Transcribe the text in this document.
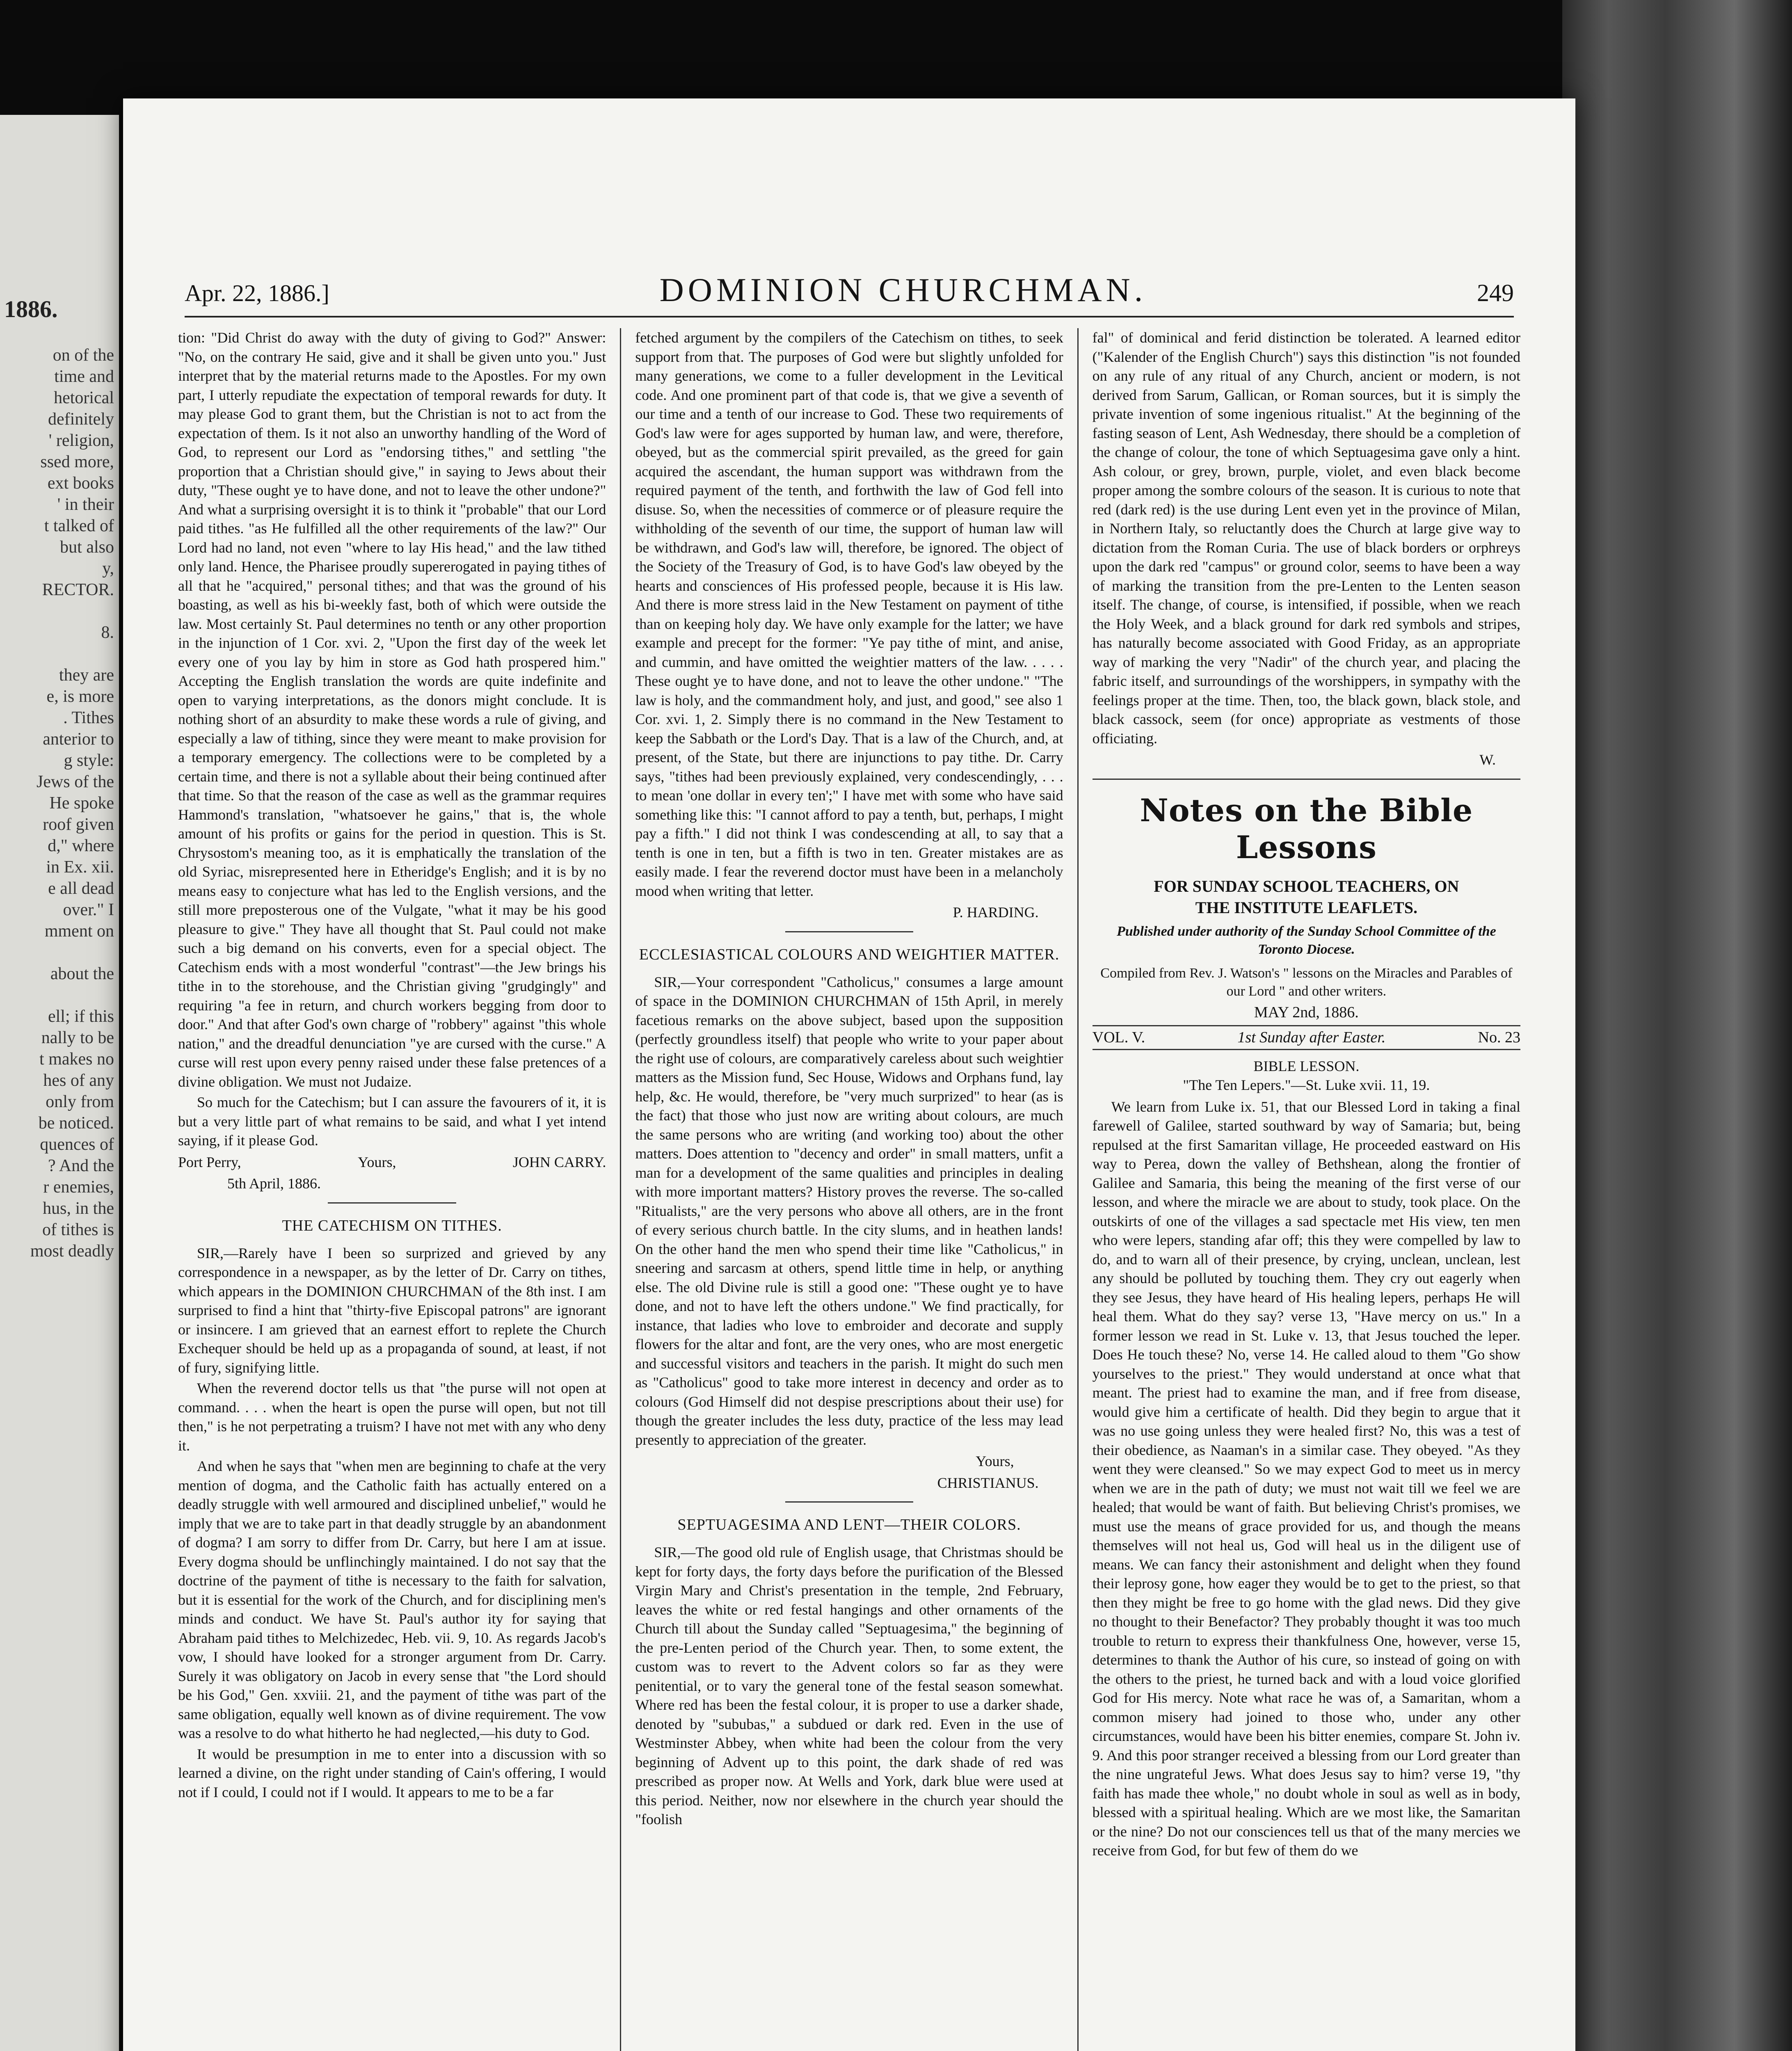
1886.
on of the
time and
hetorical
definitely
' religion,
ssed more,
ext books
' in their
t talked of
but also
y,
RECTOR.

8.

they are
e, is more
. Tithes
anterior to
g style:
Jews of the
He spoke
roof given
d," where
in Ex. xii.
e all dead
over." I
mment on

about the

ell; if this
nally to be
t makes no
hes of any
only from
be noticed.
quences of
? And the
r enemies,
hus, in the
of tithes is
most deadly
Apr. 22, 1886.]	DOMINION CHURCHMAN.	249

tion: "Did Christ do away with the duty of giving to God?" Answer: "No, on the contrary He said, give and it shall be given unto you." Just interpret that by the material returns made to the Apostles. For my own part, I utterly repudiate the expectation of temporal rewards for duty. It may please God to grant them, but the Christian is not to act from the expectation of them. Is it not also an unworthy handling of the Word of God, to represent our Lord as "endorsing tithes," and settling "the proportion that a Christian should give," in saying to Jews about their duty, "These ought ye to have done, and not to leave the other undone?" And what a surprising oversight it is to think it "probable" that our Lord paid tithes. "as He fulfilled all the other requirements of the law?" Our Lord had no land, not even "where to lay His head," and the law tithed only land. Hence, the Pharisee proudly supererogated in paying tithes of all that he "acquired," personal tithes; and that was the ground of his boasting, as well as his bi-weekly fast, both of which were outside the law. Most certainly St. Paul determines no tenth or any other proportion in the injunction of 1 Cor. xvi. 2, "Upon the first day of the week let every one of you lay by him in store as God hath prospered him." Accepting the English translation the words are quite indefinite and open to varying interpretations, as the donors might conclude. It is nothing short of an absurdity to make these words a rule of giving, and especially a law of tithing, since they were meant to make provision for a temporary emergency. The collections were to be completed by a certain time, and there is not a syllable about their being continued after that time. So that the reason of the case as well as the grammar requires Hammond's translation, "whatsoever he gains," that is, the whole amount of his profits or gains for the period in question. This is St. Chrysostom's meaning too, as it is emphatically the translation of the old Syriac, misrepresented here in Etheridge's English; and it is by no means easy to conjecture what has led to the English versions, and the still more preposterous one of the Vulgate, "what it may be his good pleasure to give." They have all thought that St. Paul could not make such a big demand on his converts, even for a special object. The Catechism ends with a most wonderful "contrast"—the Jew brings his tithe in to the storehouse, and the Christian giving "grudgingly" and requiring "a fee in return, and church workers begging from door to door." And that after God's own charge of "robbery" against "this whole nation," and the dreadful denunciation "ye are cursed with the curse." A curse will rest upon every penny raised under these false pretences of a divine obligation. We must not Judaize.

So much for the Catechism; but I can assure the favourers of it, it is but a very little part of what remains to be said, and what I yet intend saying, if it please God.

Port Perry,	Yours,	JOHN CARRY.
5th April, 1886.
THE CATECHISM ON TITHES.

SIR,—Rarely have I been so surprized and grieved by any correspondence in a newspaper, as by the letter of Dr. Carry on tithes, which appears in the DOMINION CHURCHMAN of the 8th inst. I am surprised to find a hint that "thirty-five Episcopal patrons" are ignorant or insincere. I am grieved that an earnest effort to replete the Church Exchequer should be held up as a propaganda of sound, at least, if not of fury, signifying little.

When the reverend doctor tells us that "the purse will not open at command. . . . when the heart is open the purse will open, but not till then," is he not perpetrating a truism? I have not met with any who deny it.

And when he says that "when men are beginning to chafe at the very mention of dogma, and the Catholic faith has actually entered on a deadly struggle with well armoured and disciplined unbelief," would he imply that we are to take part in that deadly struggle by an abandonment of dogma? I am sorry to differ from Dr. Carry, but here I am at issue. Every dogma should be unflinchingly maintained. I do not say that the doctrine of the payment of tithe is necessary to the faith for salvation, but it is essential for the work of the Church, and for disciplining men's minds and conduct. We have St. Paul's author ity for saying that Abraham paid tithes to Melchizedec, Heb. vii. 9, 10. As regards Jacob's vow, I should have looked for a stronger argument from Dr. Carry. Surely it was obligatory on Jacob in every sense that "the Lord should be his God," Gen. xxviii. 21, and the payment of tithe was part of the same obligation, equally well known as of divine requirement. The vow was a resolve to do what hitherto he had neglected,—his duty to God.

It would be presumption in me to enter into a discussion with so learned a divine, on the right under standing of Cain's offering, I would not if I could, I could not if I would. It appears to me to be a far

fetched argument by the compilers of the Catechism on tithes, to seek support from that. The purposes of God were but slightly unfolded for many generations, we come to a fuller development in the Levitical code. And one prominent part of that code is, that we give a seventh of our time and a tenth of our increase to God. These two requirements of God's law were for ages supported by human law, and were, therefore, obeyed, but as the commercial spirit prevailed, as the greed for gain acquired the ascendant, the human support was withdrawn from the required payment of the tenth, and forthwith the law of God fell into disuse. So, when the necessities of commerce or of pleasure require the withholding of the seventh of our time, the support of human law will be withdrawn, and God's law will, therefore, be ignored. The object of the Society of the Treasury of God, is to have God's law obeyed by the hearts and consciences of His professed people, because it is His law. And there is more stress laid in the New Testament on payment of tithe than on keeping holy day. We have only example for the latter; we have example and precept for the former: "Ye pay tithe of mint, and anise, and cummin, and have omitted the weightier matters of the law. . . . . These ought ye to have done, and not to leave the other undone." "The law is holy, and the commandment holy, and just, and good," see also 1 Cor. xvi. 1, 2. Simply there is no command in the New Testament to keep the Sabbath or the Lord's Day. That is a law of the Church, and, at present, of the State, but there are injunctions to pay tithe. Dr. Carry says, "tithes had been previously explained, very condescendingly, . . . to mean 'one dollar in every ten';" I have met with some who have said something like this: "I cannot afford to pay a tenth, but, perhaps, I might pay a fifth." I did not think I was condescending at all, to say that a tenth is one in ten, but a fifth is two in ten. Greater mistakes are as easily made. I fear the reverend doctor must have been in a melancholy mood when writing that letter.

P. HARDING.
ECCLESIASTICAL COLOURS AND WEIGHTIER MATTER.

SIR,—Your correspondent "Catholicus," consumes a large amount of space in the DOMINION CHURCHMAN of 15th April, in merely facetious remarks on the above subject, based upon the supposition (perfectly groundless itself) that people who write to your paper about the right use of colours, are comparatively careless about such weightier matters as the Mission fund, Sec House, Widows and Orphans fund, lay help, &c. He would, therefore, be "very much surprized" to hear (as is the fact) that those who just now are writing about colours, are much the same persons who are writing (and working too) about the other matters. Does attention to "decency and order" in small matters, unfit a man for a development of the same qualities and principles in dealing with more important matters? History proves the reverse. The so-called "Ritualists," are the very persons who above all others, are in the front of every serious church battle. In the city slums, and in heathen lands! On the other hand the men who spend their time like "Catholicus," in sneering and sarcasm at others, spend little time in help, or anything else. The old Divine rule is still a good one: "These ought ye to have done, and not to have left the others undone." We find practically, for instance, that ladies who love to embroider and decorate and supply flowers for the altar and font, are the very ones, who are most energetic and successful visitors and teachers in the parish. It might do such men as "Catholicus" good to take more interest in decency and order as to colours (God Himself did not despise prescriptions about their use) for though the greater includes the less duty, practice of the less may lead presently to appreciation of the greater.

Yours,
CHRISTIANUS.
SEPTUAGESIMA AND LENT—THEIR COLORS.

SIR,—The good old rule of English usage, that Christmas should be kept for forty days, the forty days before the purification of the Blessed Virgin Mary and Christ's presentation in the temple, 2nd February, leaves the white or red festal hangings and other ornaments of the Church till about the Sunday called "Septuagesima," the beginning of the pre-Lenten period of the Church year. Then, to some extent, the custom was to revert to the Advent colors so far as they were penitential, or to vary the general tone of the festal season somewhat. Where red has been the festal colour, it is proper to use a darker shade, denoted by "sububas," a subdued or dark red. Even in the use of Westminster Abbey, when white had been the colour from the very beginning of Advent up to this point, the dark shade of red was prescribed as proper now. At Wells and York, dark blue were used at this period. Neither, now nor elsewhere in the church year should the "foolish

fal" of dominical and ferid distinction be tolerated. A learned editor ("Kalender of the English Church") says this distinction "is not founded on any rule of any ritual of any Church, ancient or modern, is not derived from Sarum, Gallican, or Roman sources, but it is simply the private invention of some ingenious ritualist." At the beginning of the fasting season of Lent, Ash Wednesday, there should be a completion of the change of colour, the tone of which Septuagesima gave only a hint. Ash colour, or grey, brown, purple, violet, and even black become proper among the sombre colours of the season. It is curious to note that red (dark red) is the use during Lent even yet in the province of Milan, in Northern Italy, so reluctantly does the Church at large give way to dictation from the Roman Curia. The use of black borders or orphreys upon the dark red "campus" or ground color, seems to have been a way of marking the transition from the pre-Lenten to the Lenten season itself. The change, of course, is intensified, if possible, when we reach the Holy Week, and a black ground for dark red symbols and stripes, has naturally become associated with Good Friday, as an appropriate way of marking the very "Nadir" of the church year, and placing the fabric itself, and surroundings of the worshippers, in sympathy with the feelings proper at the time. Then, too, the black gown, black stole, and black cassock, seem (for once) appropriate as vestments of those officiating.

W.
Notes on the Bible Lessons
FOR SUNDAY SCHOOL TEACHERS, ON
THE INSTITUTE LEAFLETS.
Published under authority of the Sunday School Committee of the Toronto Diocese.
Compiled from Rev. J. Watson's " lessons on the Miracles and Parables of our Lord " and other writers.
MAY 2nd, 1886.
VOL. V.	1st Sunday after Easter.	No. 23
BIBLE LESSON.
"The Ten Lepers."—St. Luke xvii. 11, 19.

We learn from Luke ix. 51, that our Blessed Lord in taking a final farewell of Galilee, started southward by way of Samaria; but, being repulsed at the first Samaritan village, He proceeded eastward on His way to Perea, down the valley of Bethshean, along the frontier of Galilee and Samaria, this being the meaning of the first verse of our lesson, and where the miracle we are about to study, took place. On the outskirts of one of the villages a sad spectacle met His view, ten men who were lepers, standing afar off; this they were compelled by law to do, and to warn all of their presence, by crying, unclean, unclean, lest any should be polluted by touching them. They cry out eagerly when they see Jesus, they have heard of His healing lepers, perhaps He will heal them. What do they say? verse 13, "Have mercy on us." In a former lesson we read in St. Luke v. 13, that Jesus touched the leper. Does He touch these? No, verse 14. He called aloud to them "Go show yourselves to the priest." They would understand at once what that meant. The priest had to examine the man, and if free from disease, would give him a certificate of health. Did they begin to argue that it was no use going unless they were healed first? No, this was a test of their obedience, as Naaman's in a similar case. They obeyed. "As they went they were cleansed." So we may expect God to meet us in mercy when we are in the path of duty; we must not wait till we feel we are healed; that would be want of faith. But believing Christ's promises, we must use the means of grace provided for us, and though the means themselves will not heal us, God will heal us in the diligent use of means. We can fancy their astonishment and delight when they found their leprosy gone, how eager they would be to get to the priest, so that then they might be free to go home with the glad news. Did they give no thought to their Benefactor? They probably thought it was too much trouble to return to express their thankfulness One, however, verse 15, determines to thank the Author of his cure, so instead of going on with the others to the priest, he turned back and with a loud voice glorified God for His mercy. Note what race he was of, a Samaritan, whom a common misery had joined to those who, under any other circumstances, would have been his bitter enemies, compare St. John iv. 9. And this poor stranger received a blessing from our Lord greater than the nine ungrateful Jews. What does Jesus say to him? verse 19, "thy faith has made thee whole," no doubt whole in soul as well as in body, blessed with a spiritual healing. Which are we most like, the Samaritan or the nine? Do not our consciences tell us that of the many mercies we receive from God, for but few of them do we
